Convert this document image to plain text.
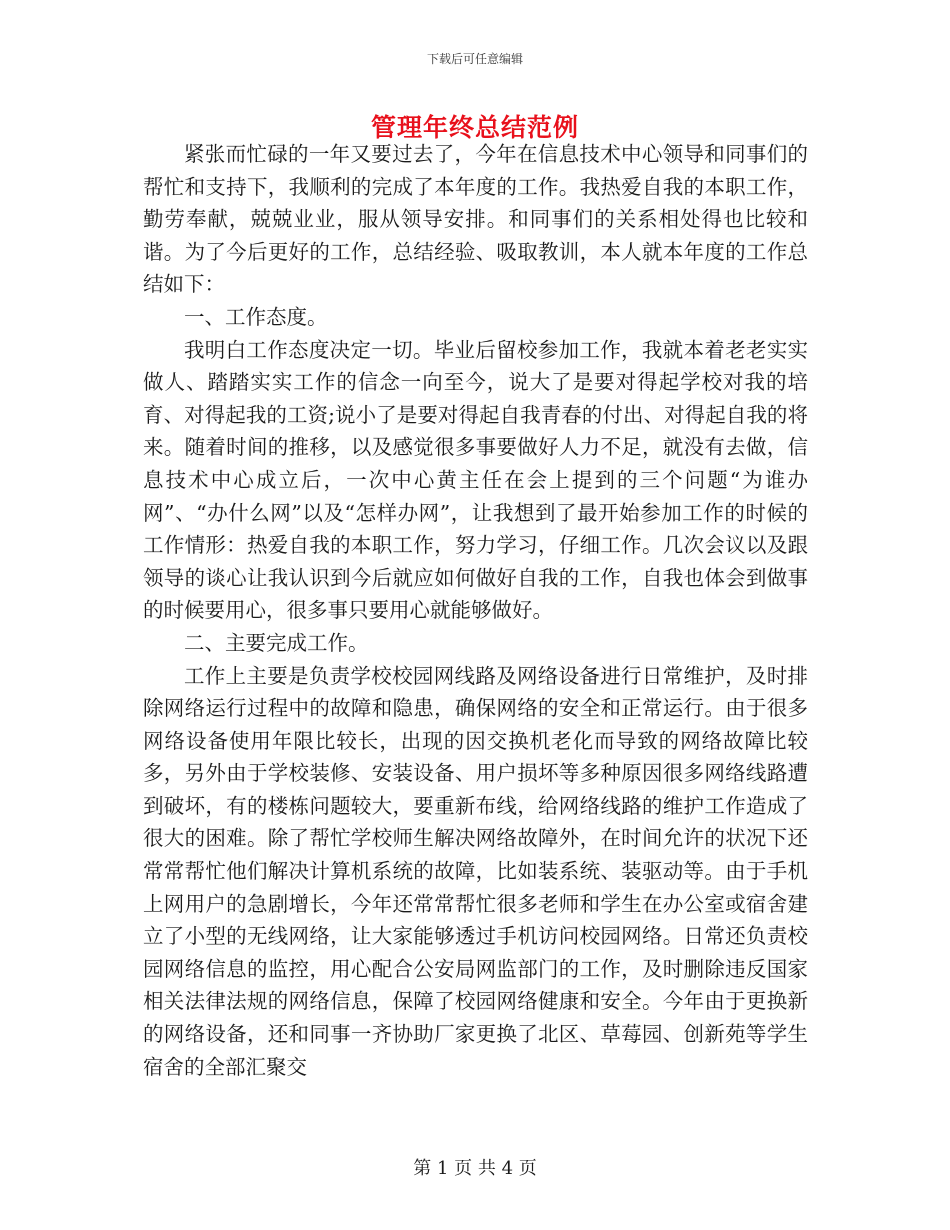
下载后可任意编辑
管理年终总结范例

紧张而忙碌的一年又要过去了，今年在信息技术中心领导和同事们的帮忙和支持下，我顺利的完成了本年度的工作。我热爱自我的本职工作，勤劳奉献，兢兢业业，服从领导安排。和同事们的关系相处得也比较和谐。为了今后更好的工作，总结经验、吸取教训，本人就本年度的工作总结如下：

一、工作态度。

我明白工作态度决定一切。毕业后留校参加工作，我就本着老老实实做人、踏踏实实工作的信念一向至今，说大了是要对得起学校对我的培育、对得起我的工资;说小了是要对得起自我青春的付出、对得起自我的将来。随着时间的推移，以及感觉很多事要做好人力不足，就没有去做，信息技术中心成立后，一次中心黄主任在会上提到的三个问题“为谁办网”、“办什么网”以及“怎样办网”，让我想到了最开始参加工作的时候的工作情形：热爱自我的本职工作，努力学习，仔细工作。几次会议以及跟领导的谈心让我认识到今后就应如何做好自我的工作，自我也体会到做事的时候要用心，很多事只要用心就能够做好。

二、主要完成工作。

工作上主要是负责学校校园网线路及网络设备进行日常维护，及时排除网络运行过程中的故障和隐患，确保网络的安全和正常运行。由于很多网络设备使用年限比较长，出现的因交换机老化而导致的网络故障比较多，另外由于学校装修、安装设备、用户损坏等多种原因很多网络线路遭到破坏，有的楼栋问题较大，要重新布线，给网络线路的维护工作造成了很大的困难。除了帮忙学校师生解决网络故障外，在时间允许的状况下还常常帮忙他们解决计算机系统的故障，比如装系统、装驱动等。由于手机上网用户的急剧增长，今年还常常帮忙很多老师和学生在办公室或宿舍建立了小型的无线网络，让大家能够透过手机访问校园网络。日常还负责校园网络信息的监控，用心配合公安局网监部门的工作，及时删除违反国家相关法律法规的网络信息，保障了校园网络健康和安全。今年由于更换新的网络设备，还和同事一齐协助厂家更换了北区、草莓园、创新苑等学生宿舍的全部汇聚交

第 1 页 共 4 页
